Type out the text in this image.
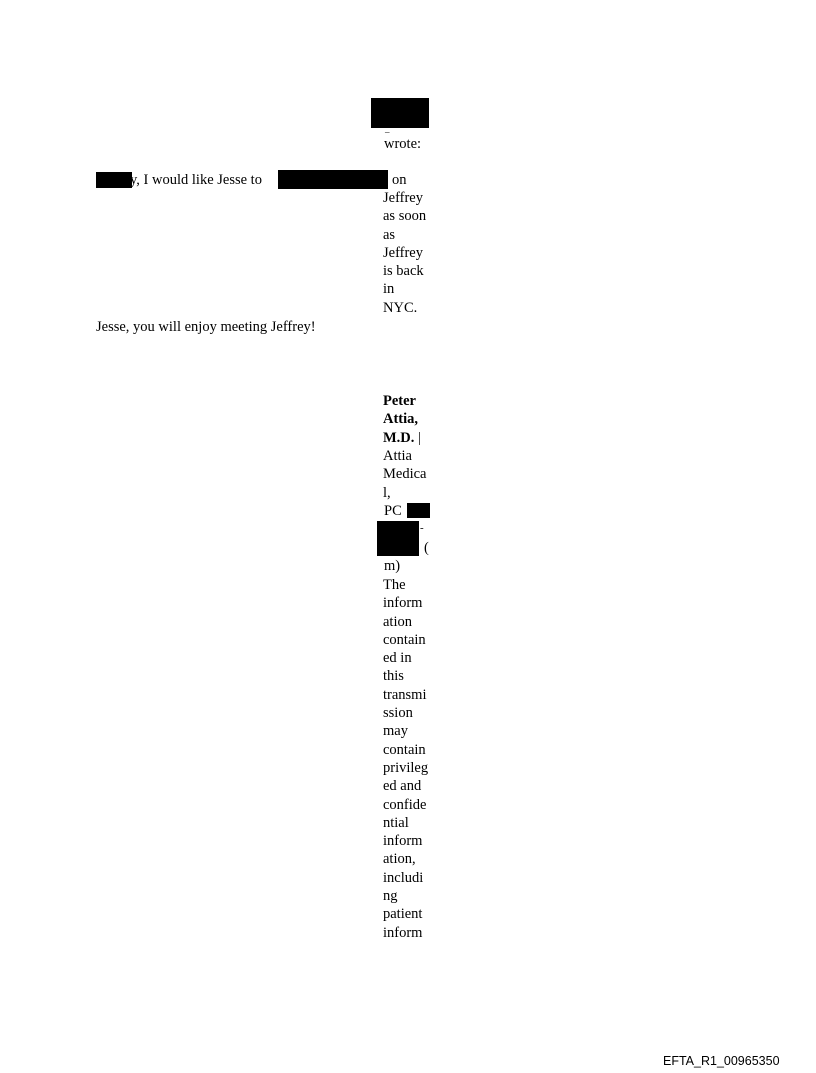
_
wrote:
y, I would like Jesse to	on
Jeffrey
as soon
as
Jeffrey
is back
in
NYC.
Jesse, you will enjoy meeting Jeffrey!
Peter
Attia,
M.D. |
Attia
Medica
l,
PC
-
(
m)
The
inform
ation
contain
ed in
this
transmi
ssion
may
contain
privileg
ed and
confide
ntial
inform
ation,
includi
ng
patient
inform
EFTA_R1_00965350
